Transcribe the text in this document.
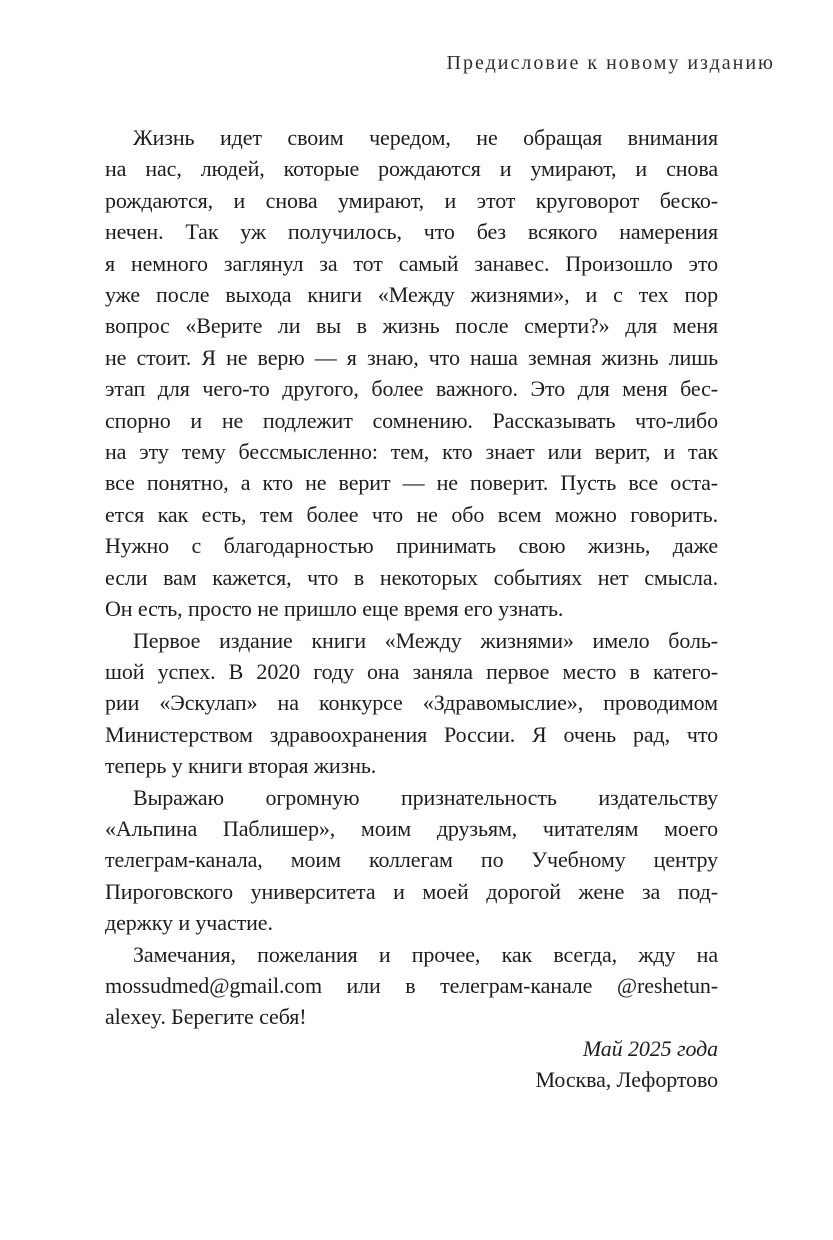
Предисловие к новому изданию
Жизнь идет своим чередом, не обращая внимания
на нас, людей, которые рождаются и умирают, и снова
рождаются, и снова умирают, и этот круговорот беско-
нечен. Так уж получилось, что без всякого намерения
я немного заглянул за тот самый занавес. Произошло это
уже после выхода книги «Между жизнями», и с тех пор
вопрос «Верите ли вы в жизнь после смерти?» для меня
не стоит. Я не верю — я знаю, что наша земная жизнь лишь
этап для чего-то другого, более важного. Это для меня бес-
спорно и не подлежит сомнению. Рассказывать что-либо
на эту тему бессмысленно: тем, кто знает или верит, и так
все понятно, а кто не верит — не поверит. Пусть все оста-
ется как есть, тем более что не обо всем можно говорить.
Нужно с благодарностью принимать свою жизнь, даже
если вам кажется, что в некоторых событиях нет смысла.
Он есть, просто не пришло еще время его узнать.
Первое издание книги «Между жизнями» имело боль-
шой успех. В 2020 году она заняла первое место в катего-
рии «Эскулап» на конкурсе «Здравомыслие», проводимом
Министерством здравоохранения России. Я очень рад, что
теперь у книги вторая жизнь.
Выражаю огромную признательность издательству
«Альпина Паблишер», моим друзьям, читателям моего
телеграм-канала, моим коллегам по Учебному центру
Пироговского университета и моей дорогой жене за под-
держку и участие.
Замечания, пожелания и прочее, как всегда, жду на
mossudmed@gmail.com или в телеграм-канале @reshetun-
alexey. Берегите себя!
Май 2025 года
Москва, Лефортово
